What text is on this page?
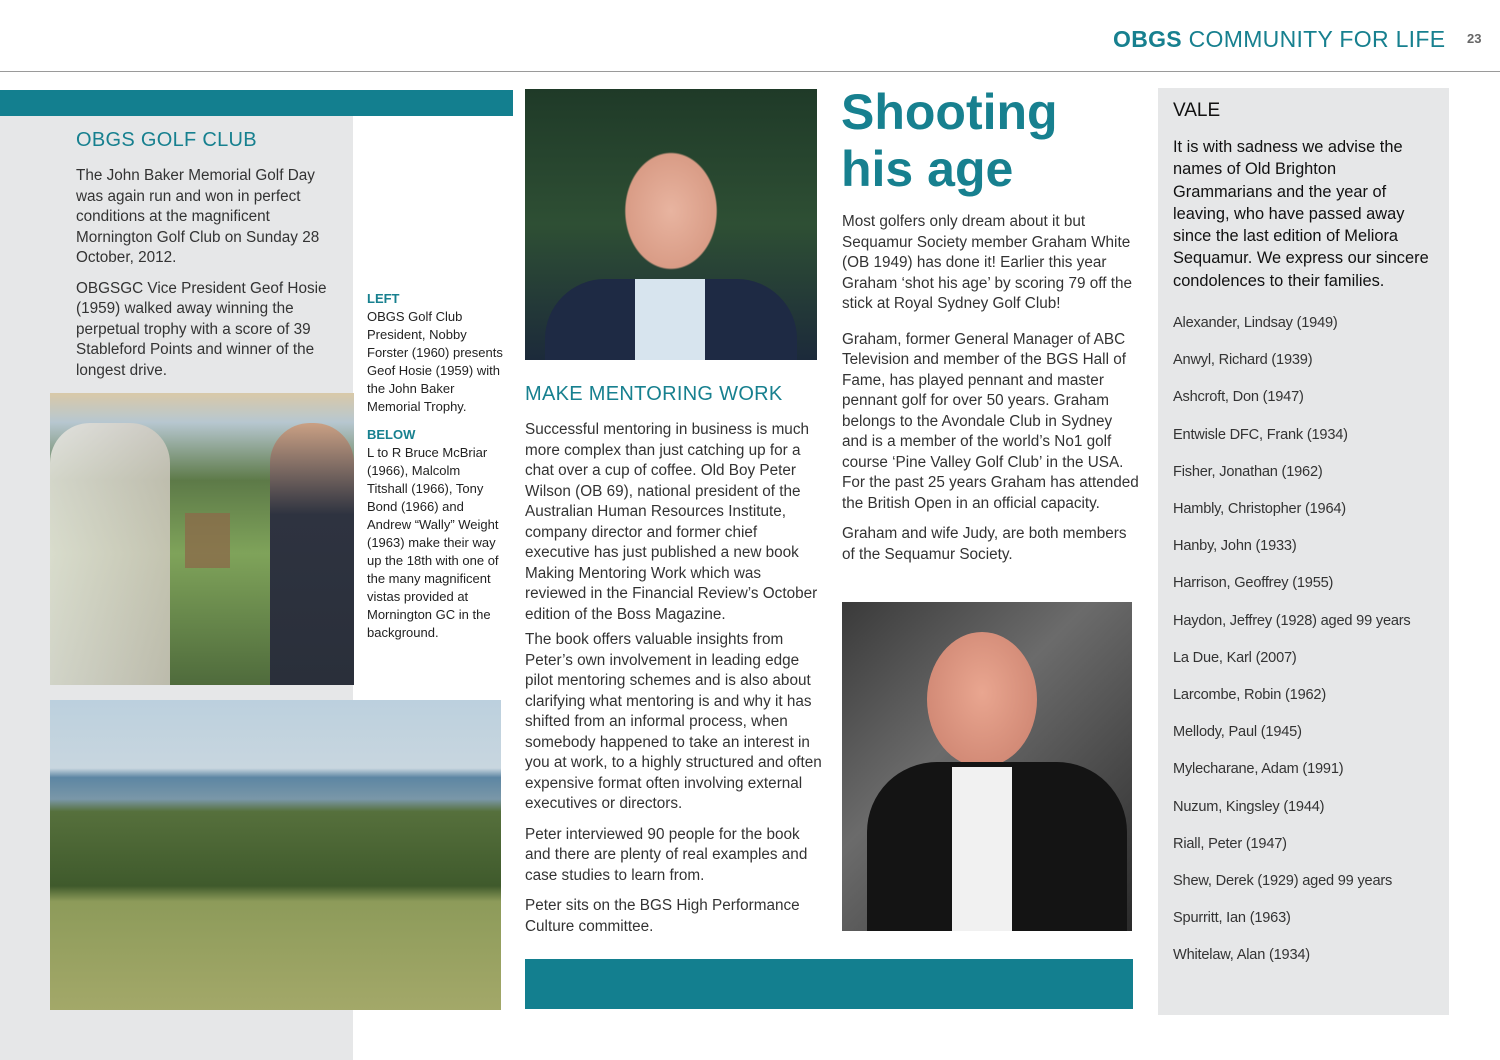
OBGS COMMUNITY FOR LIFE 23
OBGS GOLF CLUB

The John Baker Memorial Golf Day was again run and won in perfect conditions at the magnificent Mornington Golf Club on Sunday 28 October, 2012.

OBGSGC Vice President Geof Hosie (1959) walked away winning the perpetual trophy with a score of 39 Stableford Points and winner of the longest drive.

LEFT
OBGS Golf Club President, Nobby Forster (1960) presents Geof Hosie (1959) with the John Baker Memorial Trophy.
BELOW
L to R Bruce McBriar (1966), Malcolm Titshall (1966), Tony Bond (1966) and Andrew “Wally” Weight (1963) make their way up the 18th with one of the many magnificent vistas provided at Mornington GC in the background.
MAKE MENTORING WORK

Successful mentoring in business is much more complex than just catching up for a chat over a cup of coffee. Old Boy Peter Wilson (OB 69), national president of the Australian Human Resources Institute, company director and former chief executive has just published a new book Making Mentoring Work which was reviewed in the Financial Review’s October edition of the Boss Magazine.

The book offers valuable insights from Peter’s own involvement in leading edge pilot mentoring schemes and is also about clarifying what mentoring is and why it has shifted from an informal process, when somebody happened to take an interest in you at work, to a highly structured and often expensive format often involving external executives or directors.

Peter interviewed 90 people for the book and there are plenty of real examples and case studies to learn from.

Peter sits on the BGS High Performance Culture committee.

Shooting
his age

Most golfers only dream about it but Sequamur Society member Graham White (OB 1949) has done it! Earlier this year Graham ‘shot his age’ by scoring 79 off the stick at Royal Sydney Golf Club!

Graham, former General Manager of ABC Television and member of the BGS Hall of Fame, has played pennant and master pennant golf for over 50 years. Graham belongs to the Avondale Club in Sydney and is a member of the world’s No1 golf course ‘Pine Valley Golf Club’ in the USA. For the past 25 years Graham has attended the British Open in an official capacity.

Graham and wife Judy, are both members of the Sequamur Society.

VALE
It is with sadness we advise the names of Old Brighton Grammarians and the year of leaving, who have passed away since the last edition of Meliora Sequamur. We express our sincere condolences to their families.
Alexander, Lindsay (1949)
Anwyl, Richard (1939)
Ashcroft, Don (1947)
Entwisle DFC, Frank (1934)
Fisher, Jonathan (1962)
Hambly, Christopher (1964)
Hanby, John (1933)
Harrison, Geoffrey (1955)
Haydon, Jeffrey (1928) aged 99 years
La Due, Karl (2007)
Larcombe, Robin (1962)
Mellody, Paul (1945)
Mylecharane, Adam (1991)
Nuzum, Kingsley (1944)
Riall, Peter (1947)
Shew, Derek (1929) aged 99 years
Spurritt, Ian (1963)
Whitelaw, Alan (1934)
